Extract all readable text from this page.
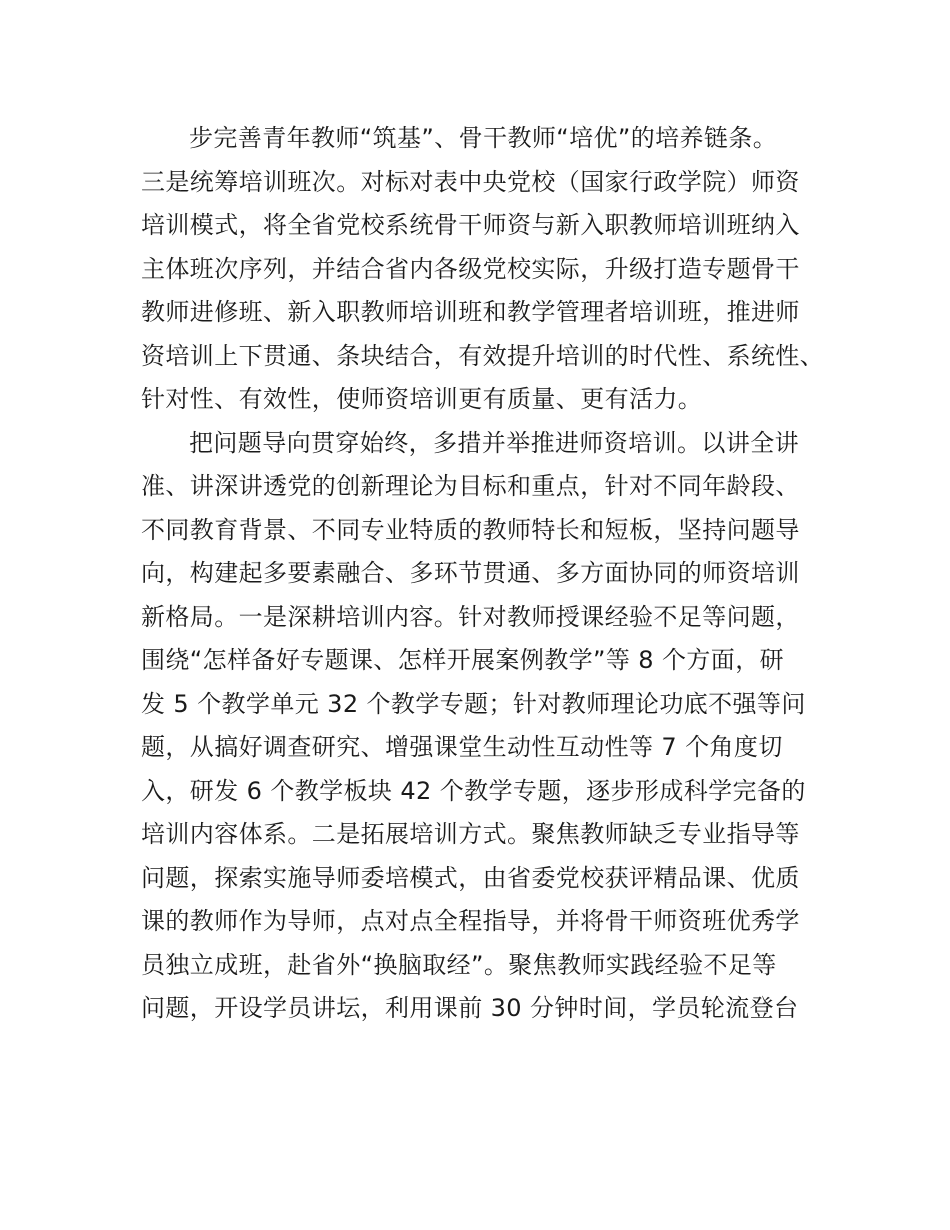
步完善青年教师“筑基”、骨干教师“培优”的培养链条。
三是统筹培训班次。对标对表中央党校（国家行政学院）师资
培训模式，将全省党校系统骨干师资与新入职教师培训班纳入
主体班次序列，并结合省内各级党校实际，升级打造专题骨干
教师进修班、新入职教师培训班和教学管理者培训班，推进师
资培训上下贯通、条块结合，有效提升培训的时代性、系统性、
针对性、有效性，使师资培训更有质量、更有活力。
把问题导向贯穿始终，多措并举推进师资培训。以讲全讲
准、讲深讲透党的创新理论为目标和重点，针对不同年龄段、
不同教育背景、不同专业特质的教师特长和短板，坚持问题导
向，构建起多要素融合、多环节贯通、多方面协同的师资培训
新格局。一是深耕培训内容。针对教师授课经验不足等问题，
围绕“怎样备好专题课、怎样开展案例教学”等 8 个方面，研
发 5 个教学单元 32 个教学专题；针对教师理论功底不强等问
题，从搞好调查研究、增强课堂生动性互动性等 7 个角度切
入，研发 6 个教学板块 42 个教学专题，逐步形成科学完备的
培训内容体系。二是拓展培训方式。聚焦教师缺乏专业指导等
问题，探索实施导师委培模式，由省委党校获评精品课、优质
课的教师作为导师，点对点全程指导，并将骨干师资班优秀学
员独立成班，赴省外“换脑取经”。聚焦教师实践经验不足等
问题，开设学员讲坛，利用课前 30 分钟时间，学员轮流登台
